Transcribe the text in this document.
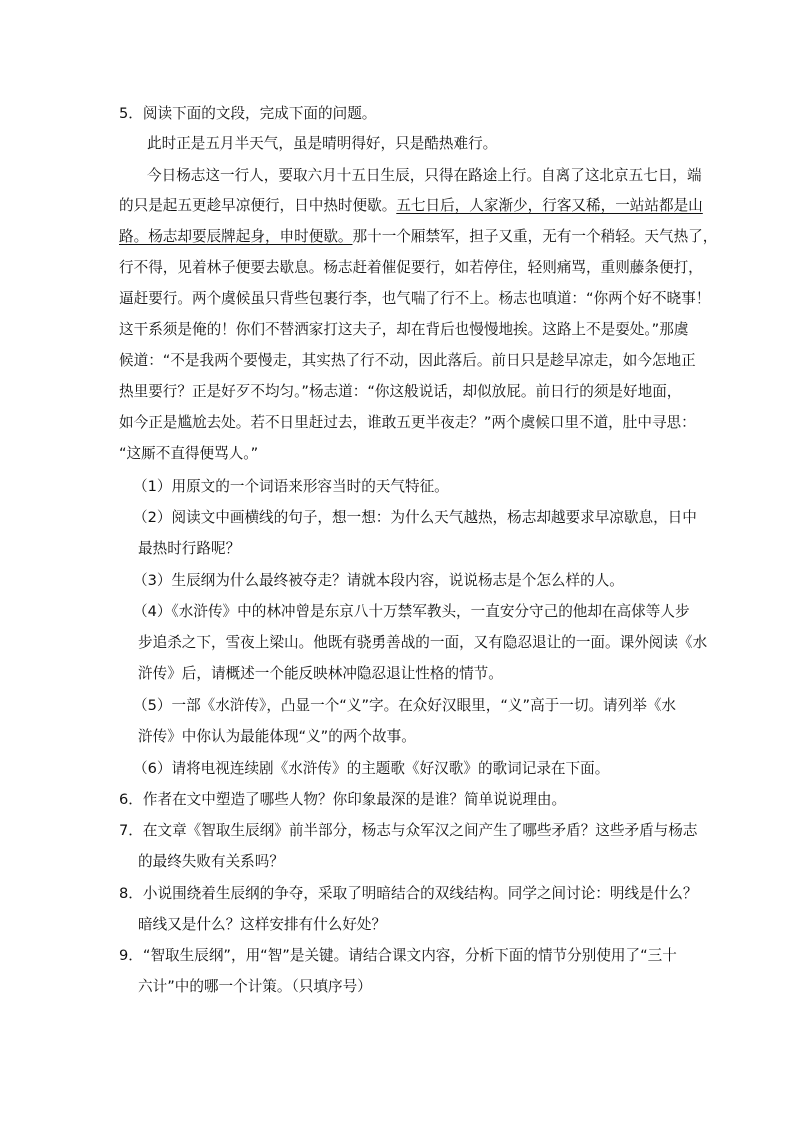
5．阅读下面的文段，完成下面的问题。
此时正是五月半天气，虽是晴明得好，只是酷热难行。
今日杨志这一行人，要取六月十五日生辰，只得在路途上行。自离了这北京五七日，端
的只是起五更趁早凉便行，日中热时便歇。五七日后，人家渐少，行客又稀，一站站都是山
路。杨志却要辰牌起身，申时便歇。那十一个厢禁军，担子又重，无有一个稍轻。天气热了，
行不得，见着林子便要去歇息。杨志赶着催促要行，如若停住，轻则痛骂，重则藤条便打，
逼赶要行。两个虞候虽只背些包裹行李，也气喘了行不上。杨志也嗔道：“你两个好不晓事！
这干系须是俺的！你们不替洒家打这夫子，却在背后也慢慢地挨。这路上不是耍处。”那虞
候道：“不是我两个要慢走，其实热了行不动，因此落后。前日只是趁早凉走，如今怎地正
热里要行？正是好歹不均匀。”杨志道：“你这般说话，却似放屁。前日行的须是好地面，
如今正是尴尬去处。若不日里赶过去，谁敢五更半夜走？”两个虞候口里不道，肚中寻思：
“这厮不直得便骂人。”
（1）用原文的一个词语来形容当时的天气特征。
（2）阅读文中画横线的句子，想一想：为什么天气越热，杨志却越要求早凉歇息，日中
最热时行路呢？
（3）生辰纲为什么最终被夺走？请就本段内容，说说杨志是个怎么样的人。
（4）《水浒传》中的林冲曾是东京八十万禁军教头，一直安分守己的他却在高俅等人步
步追杀之下，雪夜上梁山。他既有骁勇善战的一面，又有隐忍退让的一面。课外阅读《水
浒传》后，请概述一个能反映林冲隐忍退让性格的情节。
（5）一部《水浒传》，凸显一个“义”字。在众好汉眼里，“义”高于一切。请列举《水
浒传》中你认为最能体现“义”的两个故事。
（6）请将电视连续剧《水浒传》的主题歌《好汉歌》的歌词记录在下面。
6．作者在文中塑造了哪些人物？你印象最深的是谁？简单说说理由。
7．在文章《智取生辰纲》前半部分，杨志与众军汉之间产生了哪些矛盾？这些矛盾与杨志
的最终失败有关系吗？
8．小说围绕着生辰纲的争夺，采取了明暗结合的双线结构。同学之间讨论：明线是什么？
暗线又是什么？这样安排有什么好处？
9．“智取生辰纲”，用“智”是关键。请结合课文内容，分析下面的情节分别使用了“三十
六计”中的哪一个计策。（只填序号）
